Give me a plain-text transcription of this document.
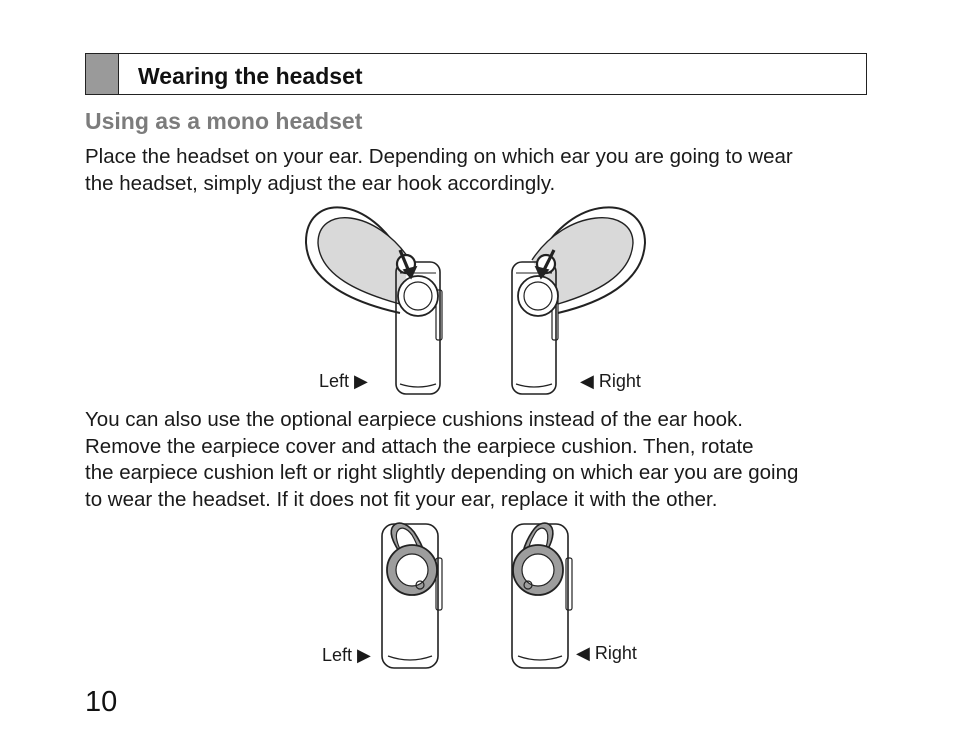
Wearing the headset
Using as a mono headset
Place the headset on your ear. Depending on which ear you are going to wear
the headset, simply adjust the ear hook accordingly.
Left ▶	◀ Right
You can also use the optional earpiece cushions instead of the ear hook.
Remove the earpiece cover and attach the earpiece cushion. Then, rotate
the earpiece cushion left or right slightly depending on which ear you are going
to wear the headset. If it does not fit your ear, replace it with the other.
Left ▶	◀ Right
10
